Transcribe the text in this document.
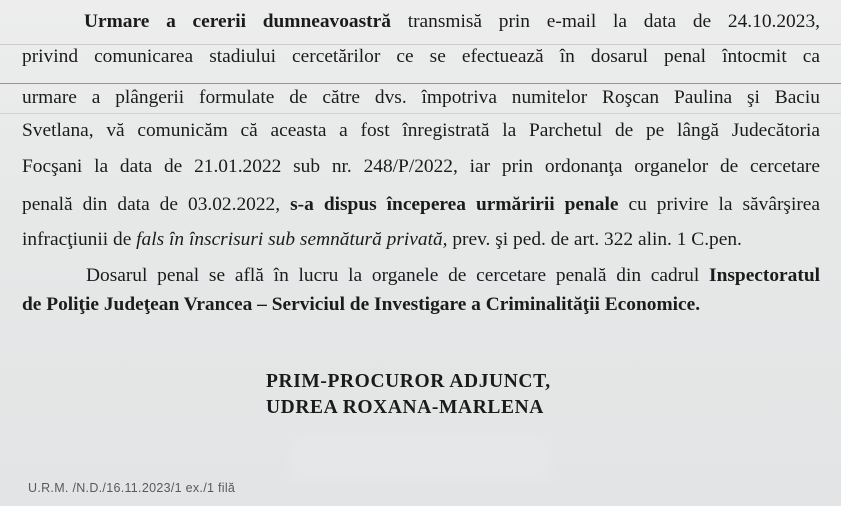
Urmare a cererii dumneavoastră transmisă prin e-mail la data de 24.10.2023,
privind comunicarea stadiului cercetărilor ce se efectuează în dosarul penal întocmit ca
urmare a plângerii formulate de către dvs. împotriva numitelor Roşcan Paulina şi Baciu
Svetlana, vă comunicăm că aceasta a fost înregistrată la Parchetul de pe lângă Judecătoria
Focşani la data de 21.01.2022 sub nr. 248/P/2022, iar prin ordonanţa organelor de cercetare
penală din data de 03.02.2022, s-a dispus începerea urmăririi penale cu privire la săvârşirea
infracţiunii de fals în înscrisuri sub semnătură privată, prev. şi ped. de art. 322 alin. 1 C.pen.
Dosarul penal se află în lucru la organele de cercetare penală din cadrul Inspectoratul
de Poliţie Judeţean Vrancea – Serviciul de Investigare a Criminalităţii Economice.
PRIM-PROCUROR ADJUNCT,
UDREA ROXANA-MARLENA
U.R.M. /N.D./16.11.2023/1 ex./1 filă
